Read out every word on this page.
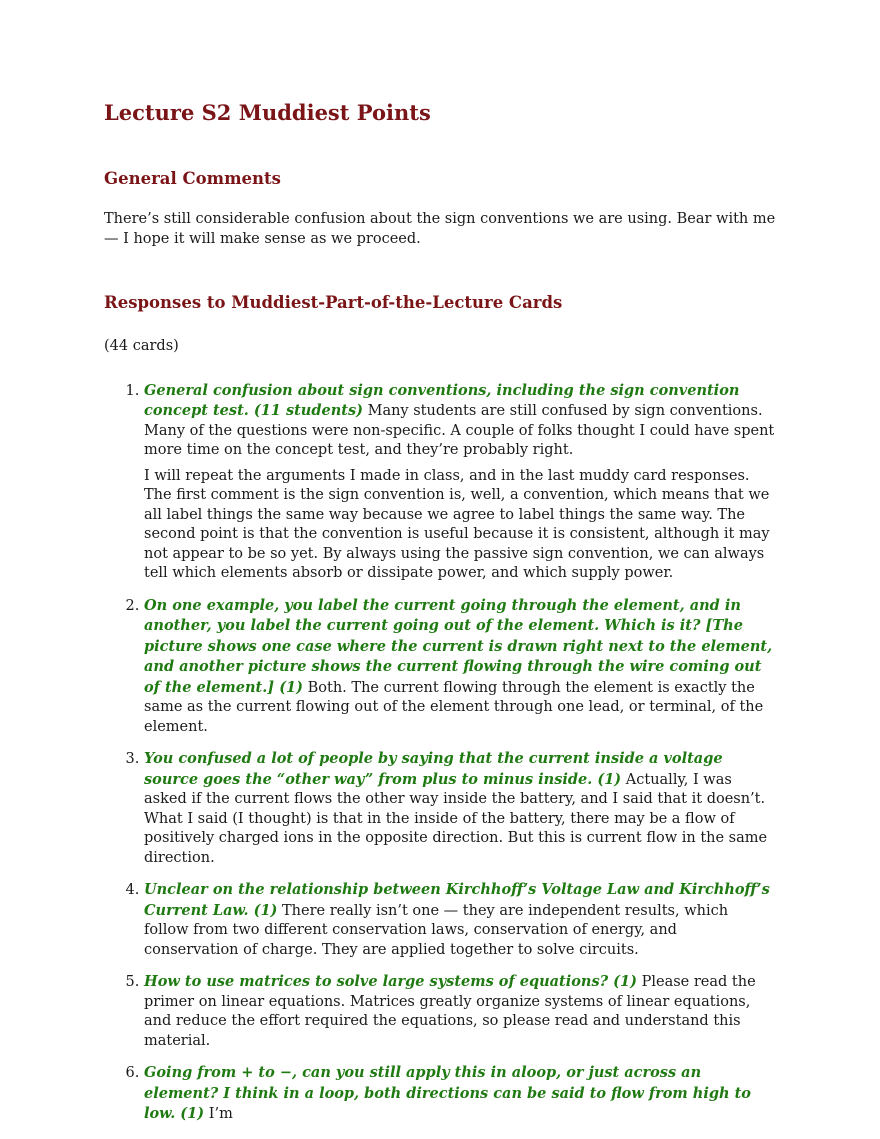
Lecture S2 Muddiest Points
General Comments

There’s still considerable confusion about the sign conventions we are using. Bear with me — I hope it will make sense as we proceed.

Responses to Muddiest-Part-of-the-Lecture Cards

(44 cards)

1. General confusion about sign conventions, including the sign convention concept test. (11 students) Many students are still confused by sign conventions. Many of the questions were non-specific. A couple of folks thought I could have spent more time on the concept test, and they’re probably right.

I will repeat the arguments I made in class, and in the last muddy card responses. The first comment is the sign convention is, well, a convention, which means that we all label things the same way because we agree to label things the same way. The second point is that the convention is useful because it is consistent, although it may not appear to be so yet. By always using the passive sign convention, we can always tell which elements absorb or dissipate power, and which supply power.

2. On one example, you label the current going through the element, and in another, you label the current going out of the element. Which is it? [The picture shows one case where the current is drawn right next to the element, and another picture shows the current flowing through the wire coming out of the element.] (1) Both. The current flowing through the element is exactly the same as the current flowing out of the element through one lead, or terminal, of the element.
3. You confused a lot of people by saying that the current inside a voltage source goes the “other way” from plus to minus inside. (1) Actually, I was asked if the current flows the other way inside the battery, and I said that it doesn’t. What I said (I thought) is that in the inside of the battery, there may be a flow of positively charged ions in the opposite direction. But this is current flow in the same direction.
4. Unclear on the relationship between Kirchhoff’s Voltage Law and Kirchhoff’s Current Law. (1) There really isn’t one — they are independent results, which follow from two different conservation laws, conservation of energy, and conservation of charge. They are applied together to solve circuits.
5. How to use matrices to solve large systems of equations? (1) Please read the primer on linear equations. Matrices greatly organize systems of linear equations, and reduce the effort required the equations, so please read and understand this material.
6. Going from + to −, can you still apply this in aloop, or just across an element? I think in a loop, both directions can be said to flow from high to low. (1) I’m
